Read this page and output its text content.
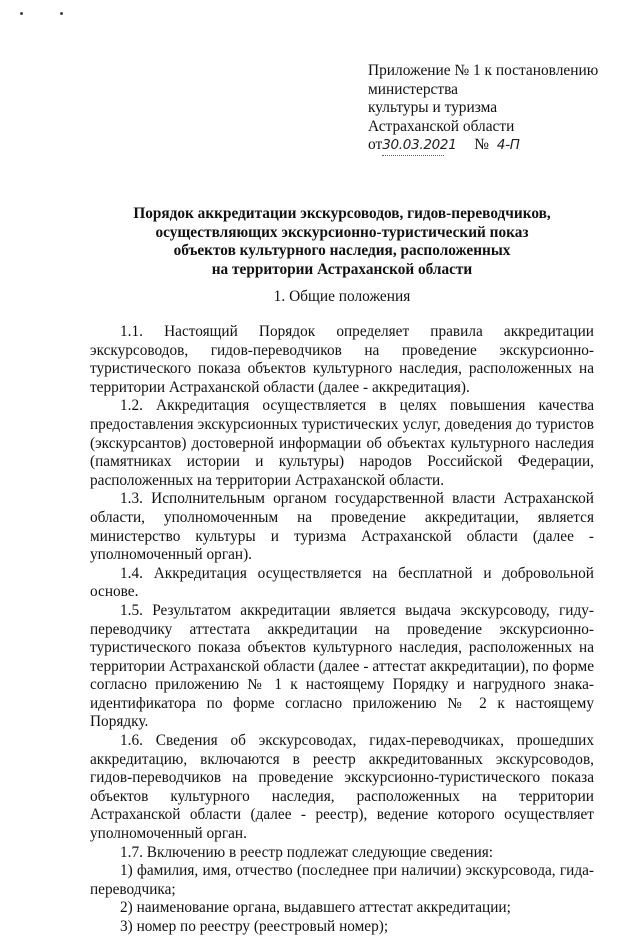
Приложение № 1 к постановлению
министерства
культуры и туризма
Астраханской области
от30.03.2021 № 4-П
Порядок аккредитации экскурсоводов, гидов-переводчиков,
осуществляющих экскурсионно-туристический показ
объектов культурного наследия, расположенных
на территории Астраханской области
1. Общие положения

1.1. Настоящий Порядок определяет правила аккредитации экскурсоводов, гидов-переводчиков на проведение экскурсионно-туристического показа объектов культурного наследия, расположенных на территории Астраханской области (далее - аккредитация).

1.2. Аккредитация осуществляется в целях повышения качества предоставления экскурсионных туристических услуг, доведения до туристов (экскурсантов) достоверной информации об объектах культурного наследия (памятниках истории и культуры) народов Российской Федерации, расположенных на территории Астраханской области.

1.3. Исполнительным органом государственной власти Астраханской области, уполномоченным на проведение аккредитации, является министерство культуры и туризма Астраханской области (далее - уполномоченный орган).

1.4. Аккредитация осуществляется на бесплатной и добровольной основе.

1.5. Результатом аккредитации является выдача экскурсоводу, гиду-переводчику аттестата аккредитации на проведение экскурсионно-туристического показа объектов культурного наследия, расположенных на территории Астраханской области (далее - аттестат аккредитации), по форме согласно приложению № 1 к настоящему Порядку и нагрудного знака-идентификатора по форме согласно приложению № 2 к настоящему Порядку.

1.6. Сведения об экскурсоводах, гидах-переводчиках, прошедших аккредитацию, включаются в реестр аккредитованных экскурсоводов, гидов-переводчиков на проведение экскурсионно-туристического показа объектов культурного наследия, расположенных на территории Астраханской области (далее - реестр), ведение которого осуществляет уполномоченный орган.

1.7. Включению в реестр подлежат следующие сведения:

1) фамилия, имя, отчество (последнее при наличии) экскурсовода, гида-переводчика;

2) наименование органа, выдавшего аттестат аккредитации;

3) номер по реестру (реестровый номер);
